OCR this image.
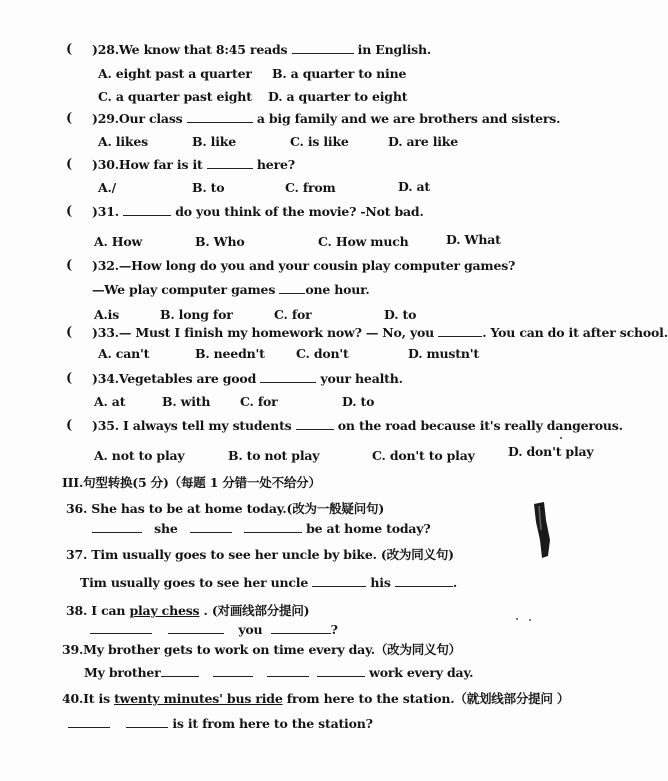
( )28.We know that 8:45 reads	in English.
A. eight past a quarter B. a quarter to nine
C. a quarter past eight D. a quarter to eight
( )29.Our class	a big family and we are brothers and sisters.
A. likes	B. like	C. is like	D. are like
( )30.How far is it	here?
A./	B. to	C. from	D. at
( )31.	do you think of the movie? -Not bad.
A. How	B. Who	C. How much	D. What
( )32.—How long do you and your cousin play computer games?
—We play computer games one hour.
A.is	B. long for	C. for	D. to
( )33.— Must I finish my homework now? — No, you	. You can do it after school.
A. can't	B. needn't	C. don't	D. mustn't
( )34.Vegetables are good	your health.
A. at	B. with C. for	D. to
( )35. I always tell my students	on the road because it's really dangerous.
A. not to play	B. to not play	C. don't to play	D. don't play
III.句型转换(5 分)（每题 1 分错一处不给分）
36. She has to be at home today.(改为一般疑问句)
she	be at home today?
37. Tim usually goes to see her uncle by bike. (改为同义句)
Tim usually goes to see her uncle	his	.
38. I can play chess . (对画线部分提问)
you	?
39.My brother gets to work on time every day.（改为同义句）
My brother	work every day.
40.It is twenty minutes' bus ride from here to the station.（就划线部分提问 ）
is it from here to the station?
